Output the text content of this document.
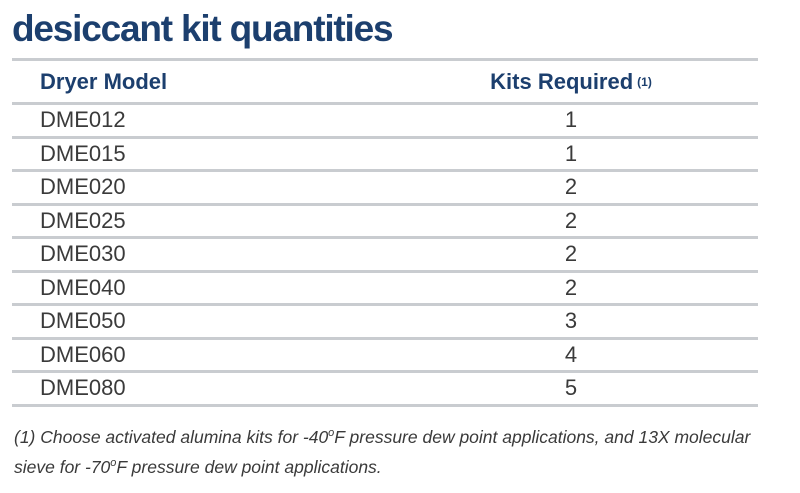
desiccant kit quantities
Dryer Model	Kits Required (1)
DME012	1
DME015	1
DME020	2
DME025	2
DME030	2
DME040	2
DME050	3
DME060	4
DME080	5

(1) Choose activated alumina kits for -40$^o$F pressure dew point applications, and 13X molecular sieve for -70$^o$F pressure dew point applications.
